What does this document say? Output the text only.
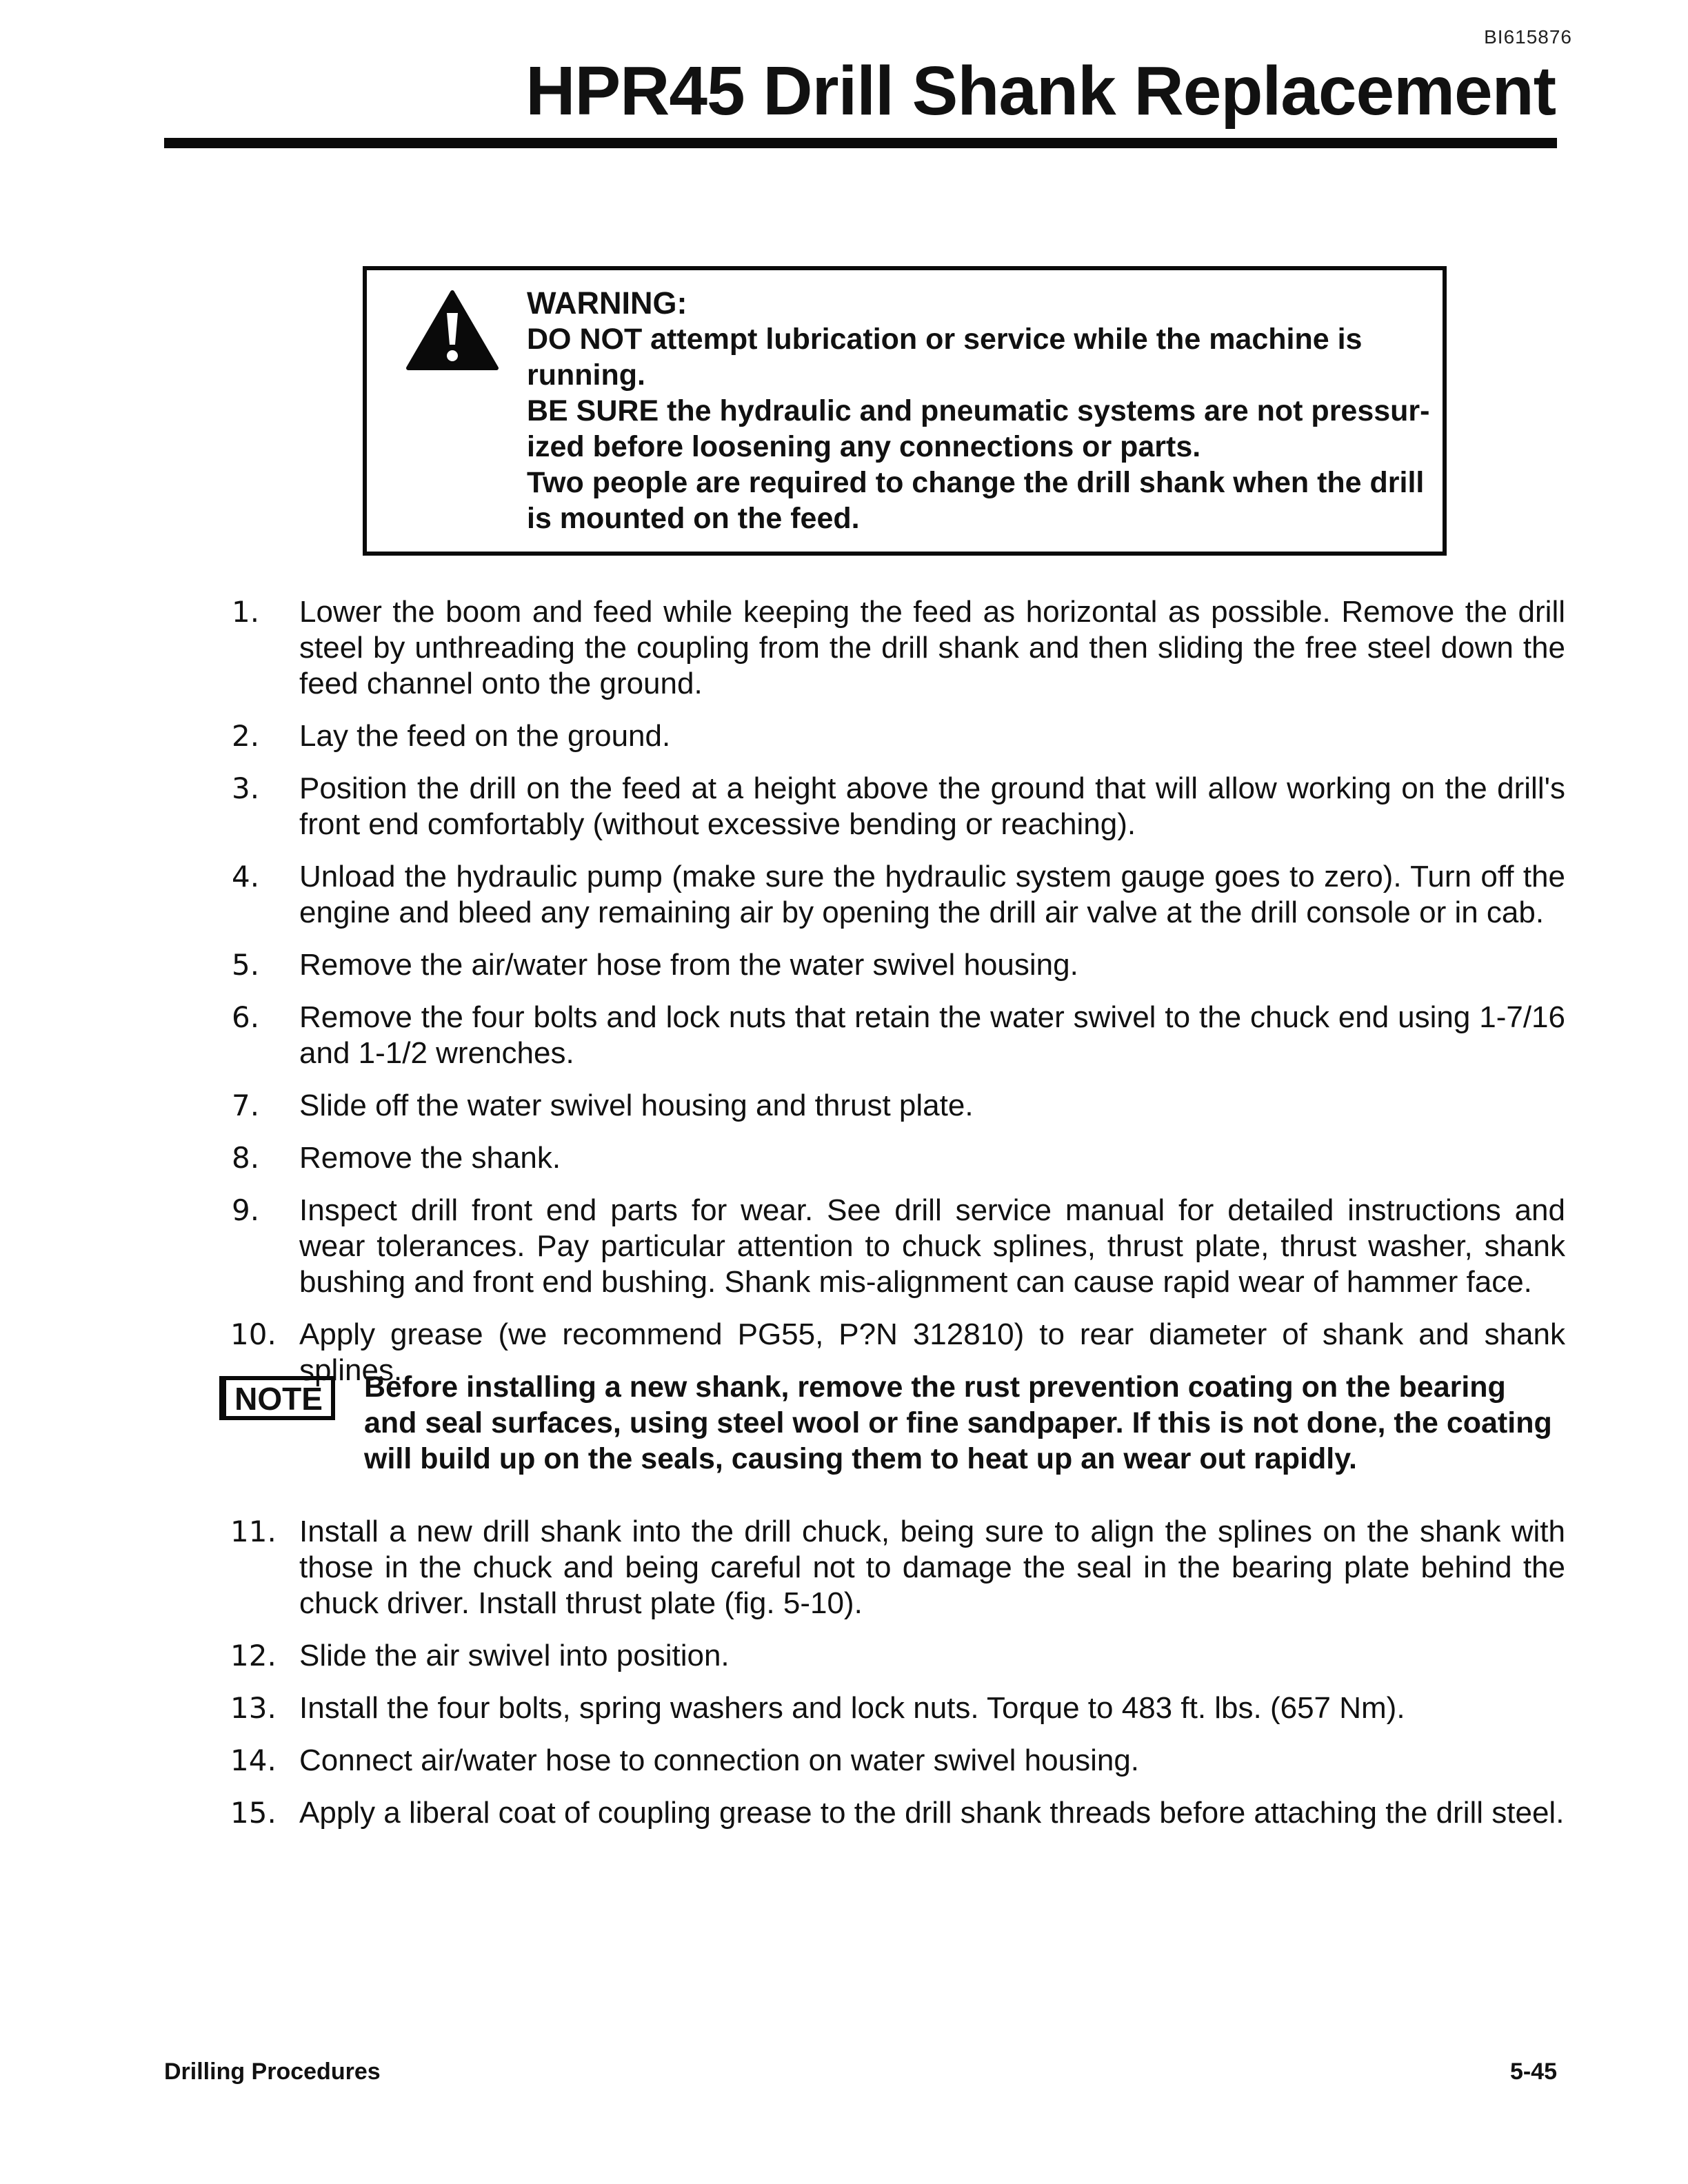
BI615876
HPR45 Drill Shank Replacement
WARNING:
DO NOT attempt lubrication or service while the machine is running.
BE SURE the hydraulic and pneumatic systems are not pressur-ized before loosening any connections or parts.
Two people are required to change the drill shank when the drill is mounted on the feed.
1.	Lower the boom and feed while keeping the feed as horizontal as possible. Remove the drill steel by unthreading the coupling from the drill shank and then sliding the free steel down the feed channel onto the ground.
2.	Lay the feed on the ground.
3.	Position the drill on the feed at a height above the ground that will allow working on the drill's front end comfortably (without excessive bending or reaching).
4.	Unload the hydraulic pump (make sure the hydraulic system gauge goes to zero). Turn off the engine and bleed any remaining air by opening the drill air valve at the drill console or in cab.
5.	Remove the air/water hose from the water swivel housing.
6.	Remove the four bolts and lock nuts that retain the water swivel to the chuck end using 1-7/16 and 1-1/2 wrenches.
7.	Slide off the water swivel housing and thrust plate.
8.	Remove the shank.
9.	Inspect drill front end parts for wear. See drill service manual for detailed instructions and wear tolerances. Pay particular attention to chuck splines, thrust plate, thrust washer, shank bushing and front end bushing. Shank mis-alignment can cause rapid wear of hammer face.
10. Apply grease (we recommend PG55, P?N 312810) to rear diameter of shank and shank splines.
NOTE	Before installing a new shank, remove the rust prevention coating on the bearing and seal surfaces, using steel wool or fine sandpaper. If this is not done, the coating will build up on the seals, causing them to heat up an wear out rapidly.
11. Install a new drill shank into the drill chuck, being sure to align the splines on the shank with those in the chuck and being careful not to damage the seal in the bearing plate behind the chuck driver. Install thrust plate (fig. 5-10).
12. Slide the air swivel into position.
13. Install the four bolts, spring washers and lock nuts. Torque to 483 ft. lbs. (657 Nm).
14. Connect air/water hose to connection on water swivel housing.
15. Apply a liberal coat of coupling grease to the drill shank threads before attaching the drill steel.
Drilling Procedures	5-45
